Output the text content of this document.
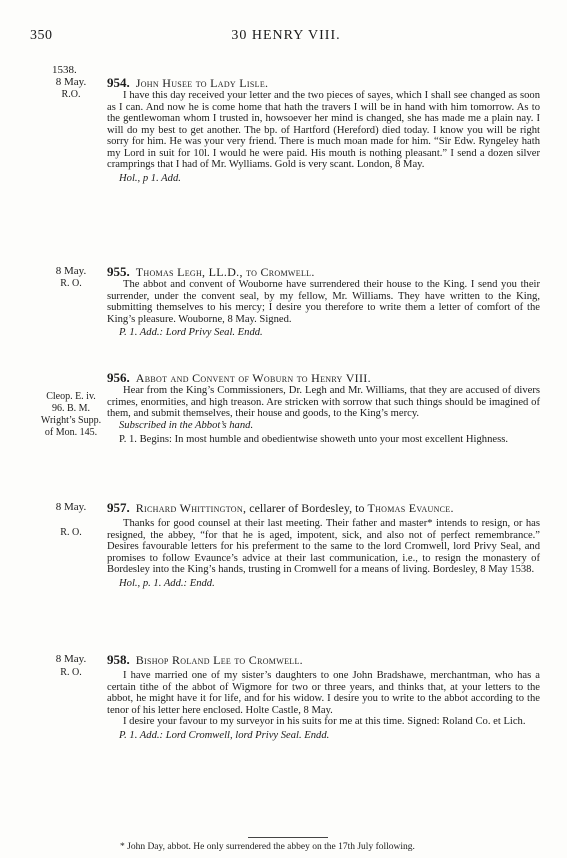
350	30 HENRY VIII.
1538.
8 May.
R.O.
954. John Husee to Lady Lisle.

I have this day received your letter and the two pieces of sayes, which I shall see changed as soon as I can. And now he is come home that hath the travers I will be in hand with him tomorrow. As to the gentlewoman whom I trusted in, howsoever her mind is changed, she has made me a plain nay. I will do my best to get another. The bp. of Hartford (Hereford) died today. I know you will be right sorry for him. He was your very friend. There is much moan made for him. “Sir Edw. Ryngeley hath my Lord in suit for 10l. I would he were paid. His mouth is nothing pleasant.” I send a dozen silver cramprings that I had of Mr. Wylliams. Gold is very scant. London, 8 May.

Hol., p 1. Add.
8 May.
R. O.
955. Thomas Legh, LL.D., to Cromwell.

The abbot and convent of Wouborne have surrendered their house to the King. I send you their surrender, under the convent seal, by my fellow, Mr. Williams. They have written to the King, submitting themselves to his mercy; I desire you therefore to write them a letter of comfort of the King’s pleasure. Wouborne, 8 May. Signed.

P. 1. Add.: Lord Privy Seal. Endd.
Cleop. E. iv. 96. B. M. Wright’s Supp. of Mon. 145.
956. Abbot and Convent of Woburn to Henry VIII.

Hear from the King’s Commissioners, Dr. Legh and Mr. Williams, that they are accused of divers crimes, enormities, and high treason. Are stricken with sorrow that such things should be imagined of them, and submit themselves, their house and goods, to the King’s mercy.

Subscribed in the Abbot’s hand.
P. 1. Begins: In most humble and obedientwise showeth unto your most excellent Highness.
8 May.
R. O.
957. Richard Whittington, cellarer of Bordesley, to Thomas Evaunce.

Thanks for good counsel at their last meeting. Their father and master* intends to resign, or has resigned, the abbey, “for that he is aged, impotent, sick, and also not of perfect remembrance.” Desires favourable letters for his preferment to the same to the lord Cromwell, lord Privy Seal, and promises to follow Evaunce’s advice at their last communication, i.e., to resign the monastery of Bordesley into the King’s hands, trusting in Cromwell for a means of living. Bordesley, 8 May 1538.

Hol., p. 1. Add.: Endd.
8 May.
R. O.
958. Bishop Roland Lee to Cromwell.

I have married one of my sister’s daughters to one John Bradshawe, merchantman, who has a certain tithe of the abbot of Wigmore for two or three years, and thinks that, at your letters to the abbot, he might have it for life, and for his widow. I desire you to write to the abbot according to the tenor of his letter here enclosed. Holte Castle, 8 May.

I desire your favour to my surveyor in his suits for me at this time. Signed: Roland Co. et Lich.

P. 1. Add.: Lord Cromwell, lord Privy Seal. Endd.
* John Day, abbot. He only surrendered the abbey on the 17th July following.
